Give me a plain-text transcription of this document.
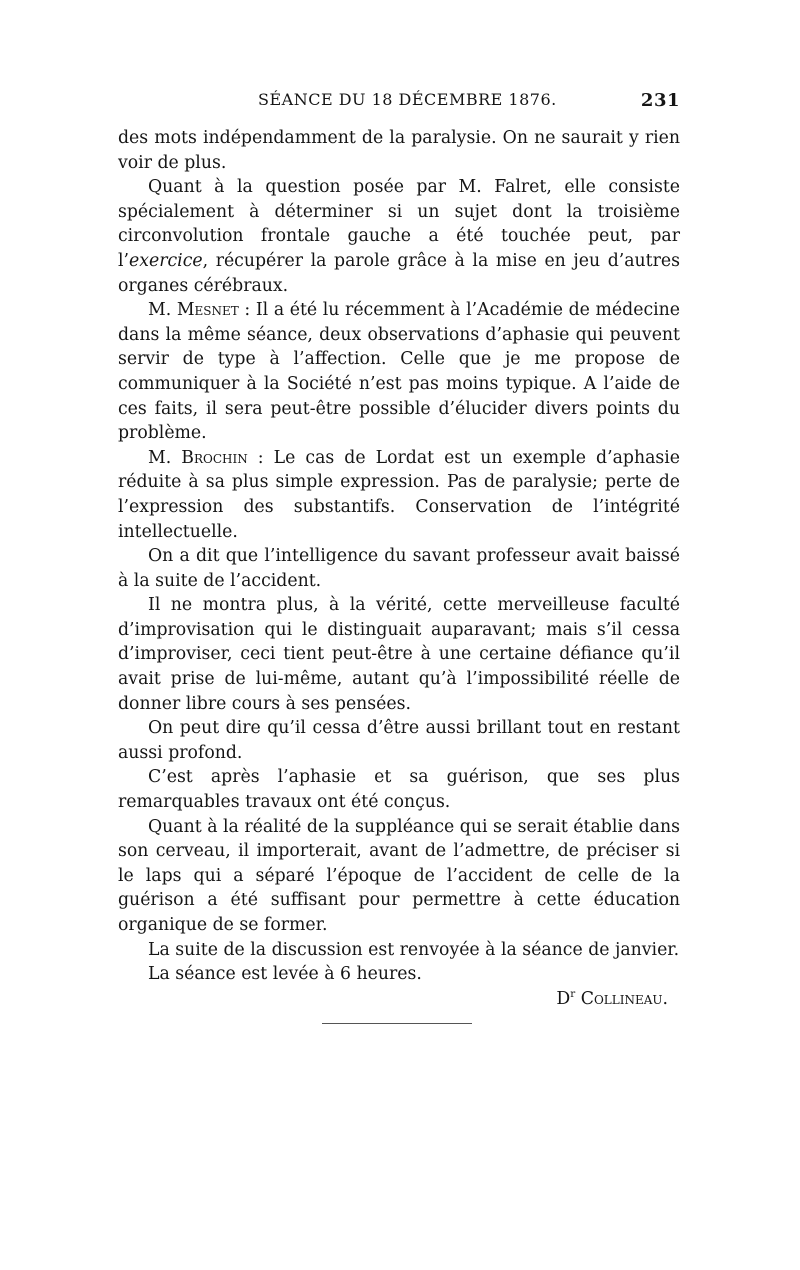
SÉANCE DU 18 DÉCEMBRE 1876.	231

des mots indépendamment de la paralysie. On ne saurait y rien voir de plus.

Quant à la question posée par M. Falret, elle consiste spécialement à déterminer si un sujet dont la troisième circonvolution frontale gauche a été touchée peut, par l’exercice, récupérer la parole grâce à la mise en jeu d’autres organes cérébraux.

M. Mesnet : Il a été lu récemment à l’Académie de médecine dans la même séance, deux observations d’aphasie qui peuvent servir de type à l’affection. Celle que je me propose de communiquer à la Société n’est pas moins typique. A l’aide de ces faits, il sera peut-être possible d’élucider divers points du problème.

M. Brochin : Le cas de Lordat est un exemple d’aphasie réduite à sa plus simple expression. Pas de paralysie; perte de l’expression des substantifs. Conservation de l’intégrité intellectuelle.

On a dit que l’intelligence du savant professeur avait baissé à la suite de l’accident.

Il ne montra plus, à la vérité, cette merveilleuse faculté d’improvisation qui le distinguait auparavant; mais s’il cessa d’improviser, ceci tient peut-être à une certaine défiance qu’il avait prise de lui-même, autant qu’à l’impossibilité réelle de donner libre cours à ses pensées.

On peut dire qu’il cessa d’être aussi brillant tout en restant aussi profond.

C’est après l’aphasie et sa guérison, que ses plus remarquables travaux ont été conçus.

Quant à la réalité de la suppléance qui se serait établie dans son cerveau, il importerait, avant de l’admettre, de préciser si le laps qui a séparé l’époque de l’accident de celle de la guérison a été suffisant pour permettre à cette éducation organique de se former.

La suite de la discussion est renvoyée à la séance de janvier.

La séance est levée à 6 heures.

$D^r$ Collineau.
